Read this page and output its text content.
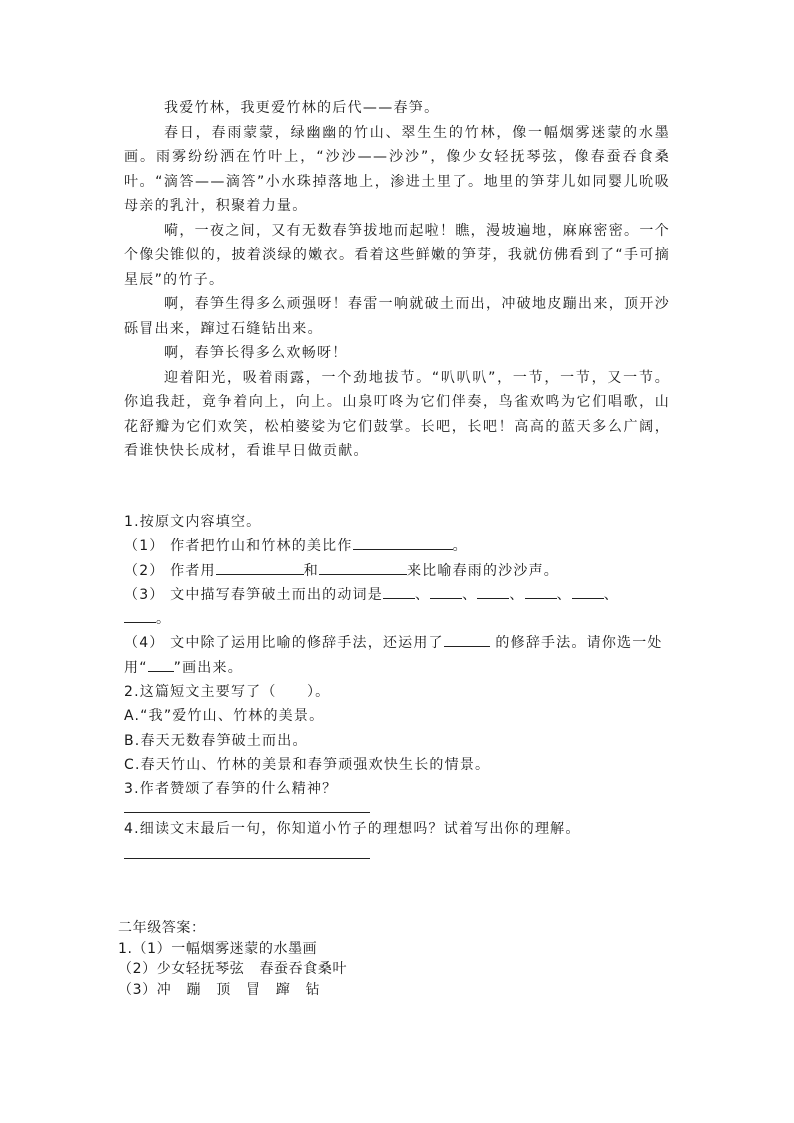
我爱竹林，我更爱竹林的后代——春笋。

春日，春雨蒙蒙，绿幽幽的竹山、翠生生的竹林，像一幅烟雾迷蒙的水墨画。雨雾纷纷洒在竹叶上，“沙沙——沙沙”，像少女轻抚琴弦，像春蚕吞食桑叶。“滴答——滴答”小水珠掉落地上，渗进土里了。地里的笋芽儿如同婴儿吮吸母亲的乳汁，积聚着力量。

嗬，一夜之间，又有无数春笋拔地而起啦！瞧，漫坡遍地，麻麻密密。一个个像尖锥似的，披着淡绿的嫩衣。看着这些鲜嫩的笋芽，我就仿佛看到了“手可摘星辰”的竹子。

啊，春笋生得多么顽强呀！春雷一响就破土而出，冲破地皮蹦出来，顶开沙砾冒出来，蹿过石缝钻出来。

啊，春笋长得多么欢畅呀！

迎着阳光，吸着雨露，一个劲地拔节。“叭叭叭”，一节，一节，又一节。你追我赶，竟争着向上，向上。山泉叮咚为它们伴奏，鸟雀欢鸣为它们唱歌，山花舒瓣为它们欢笑，松柏婆娑为它们鼓掌。长吧，长吧！高高的蓝天多么广阔，看谁快快长成材，看谁早日做贡献。

1.按原文内容填空。

（1） 作者把竹山和竹林的美比作	。

（2） 作者用	和	来比喻春雨的沙沙声。

（3） 文中描写春笋破土而出的动词是 、 、 、 、 、

。

（4） 文中除了运用比喻的修辞手法，还运用了	的修辞手法。请你选一处用“ ”画出来。

2.这篇短文主要写了（　　）。

A.“我”爱竹山、竹林的美景。

B.春天无数春笋破土而出。

C.春天竹山、竹林的美景和春笋顽强欢快生长的情景。

3.作者赞颂了春笋的什么精神？

4.细读文末最后一句，你知道小竹子的理想吗？试着写出你的理解。

二年级答案：

1.（1）一幅烟雾迷蒙的水墨画

（2）少女轻抚琴弦   春蚕吞食桑叶

（3）冲   蹦   顶   冒   蹿   钻
